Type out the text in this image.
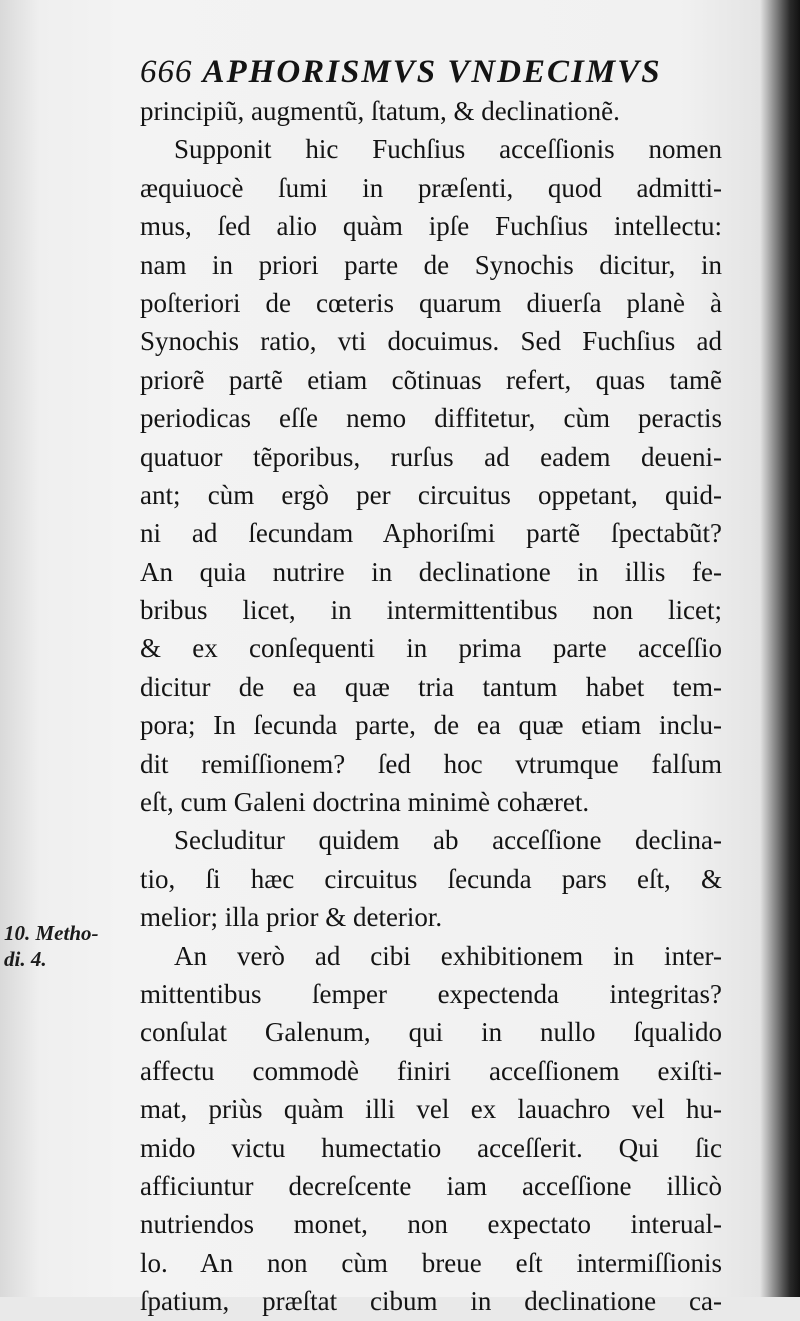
666 APHORISMVS VNDECIMVS
principiũ, augmentũ, ſtatum, & declinationẽ.
Supponit hic Fuchſius acceſſionis nomen
æquiuocè ſumi in præſenti, quod admitti-
mus, ſed alio quàm ipſe Fuchſius intellectu:
nam in priori parte de Synochis dicitur, in
poſteriori de cœteris quarum diuerſa planè à
Synochis ratio, vti docuimus. Sed Fuchſius ad
priorẽ partẽ etiam cõtinuas refert, quas tamẽ
periodicas eſſe nemo diffitetur, cùm peractis
quatuor tẽporibus, rurſus ad eadem deueni-
ant; cùm ergò per circuitus oppetant, quid-
ni ad ſecundam Aphoriſmi partẽ ſpectabũt?
An quia nutrire in declinatione in illis fe-
bribus licet, in intermittentibus non licet;
& ex conſequenti in prima parte acceſſio
dicitur de ea quæ tria tantum habet tem-
pora; In ſecunda parte, de ea quæ etiam inclu-
dit remiſſionem? ſed hoc vtrumque falſum
eſt, cum Galeni doctrina minimè cohæret.
Secluditur quidem ab acceſſione declina-
tio, ſi hæc circuitus ſecunda pars eſt, &
melior; illa prior & deterior.
An verò ad cibi exhibitionem in inter-
mittentibus ſemper expectenda integritas?
conſulat Galenum, qui in nullo ſqualido
affectu commodè finiri acceſſionem exiſti-
mat, priùs quàm illi vel ex lauachro vel hu-
mido victu humectatio acceſſerit. Qui ſic
afficiuntur decreſcente iam acceſſione illicò
nutriendos monet, non expectato interual-
lo. An non cùm breue eſt intermiſſionis
ſpatium, præſtat cibum in declinatione ca-
10. Metho-
di. 4.
